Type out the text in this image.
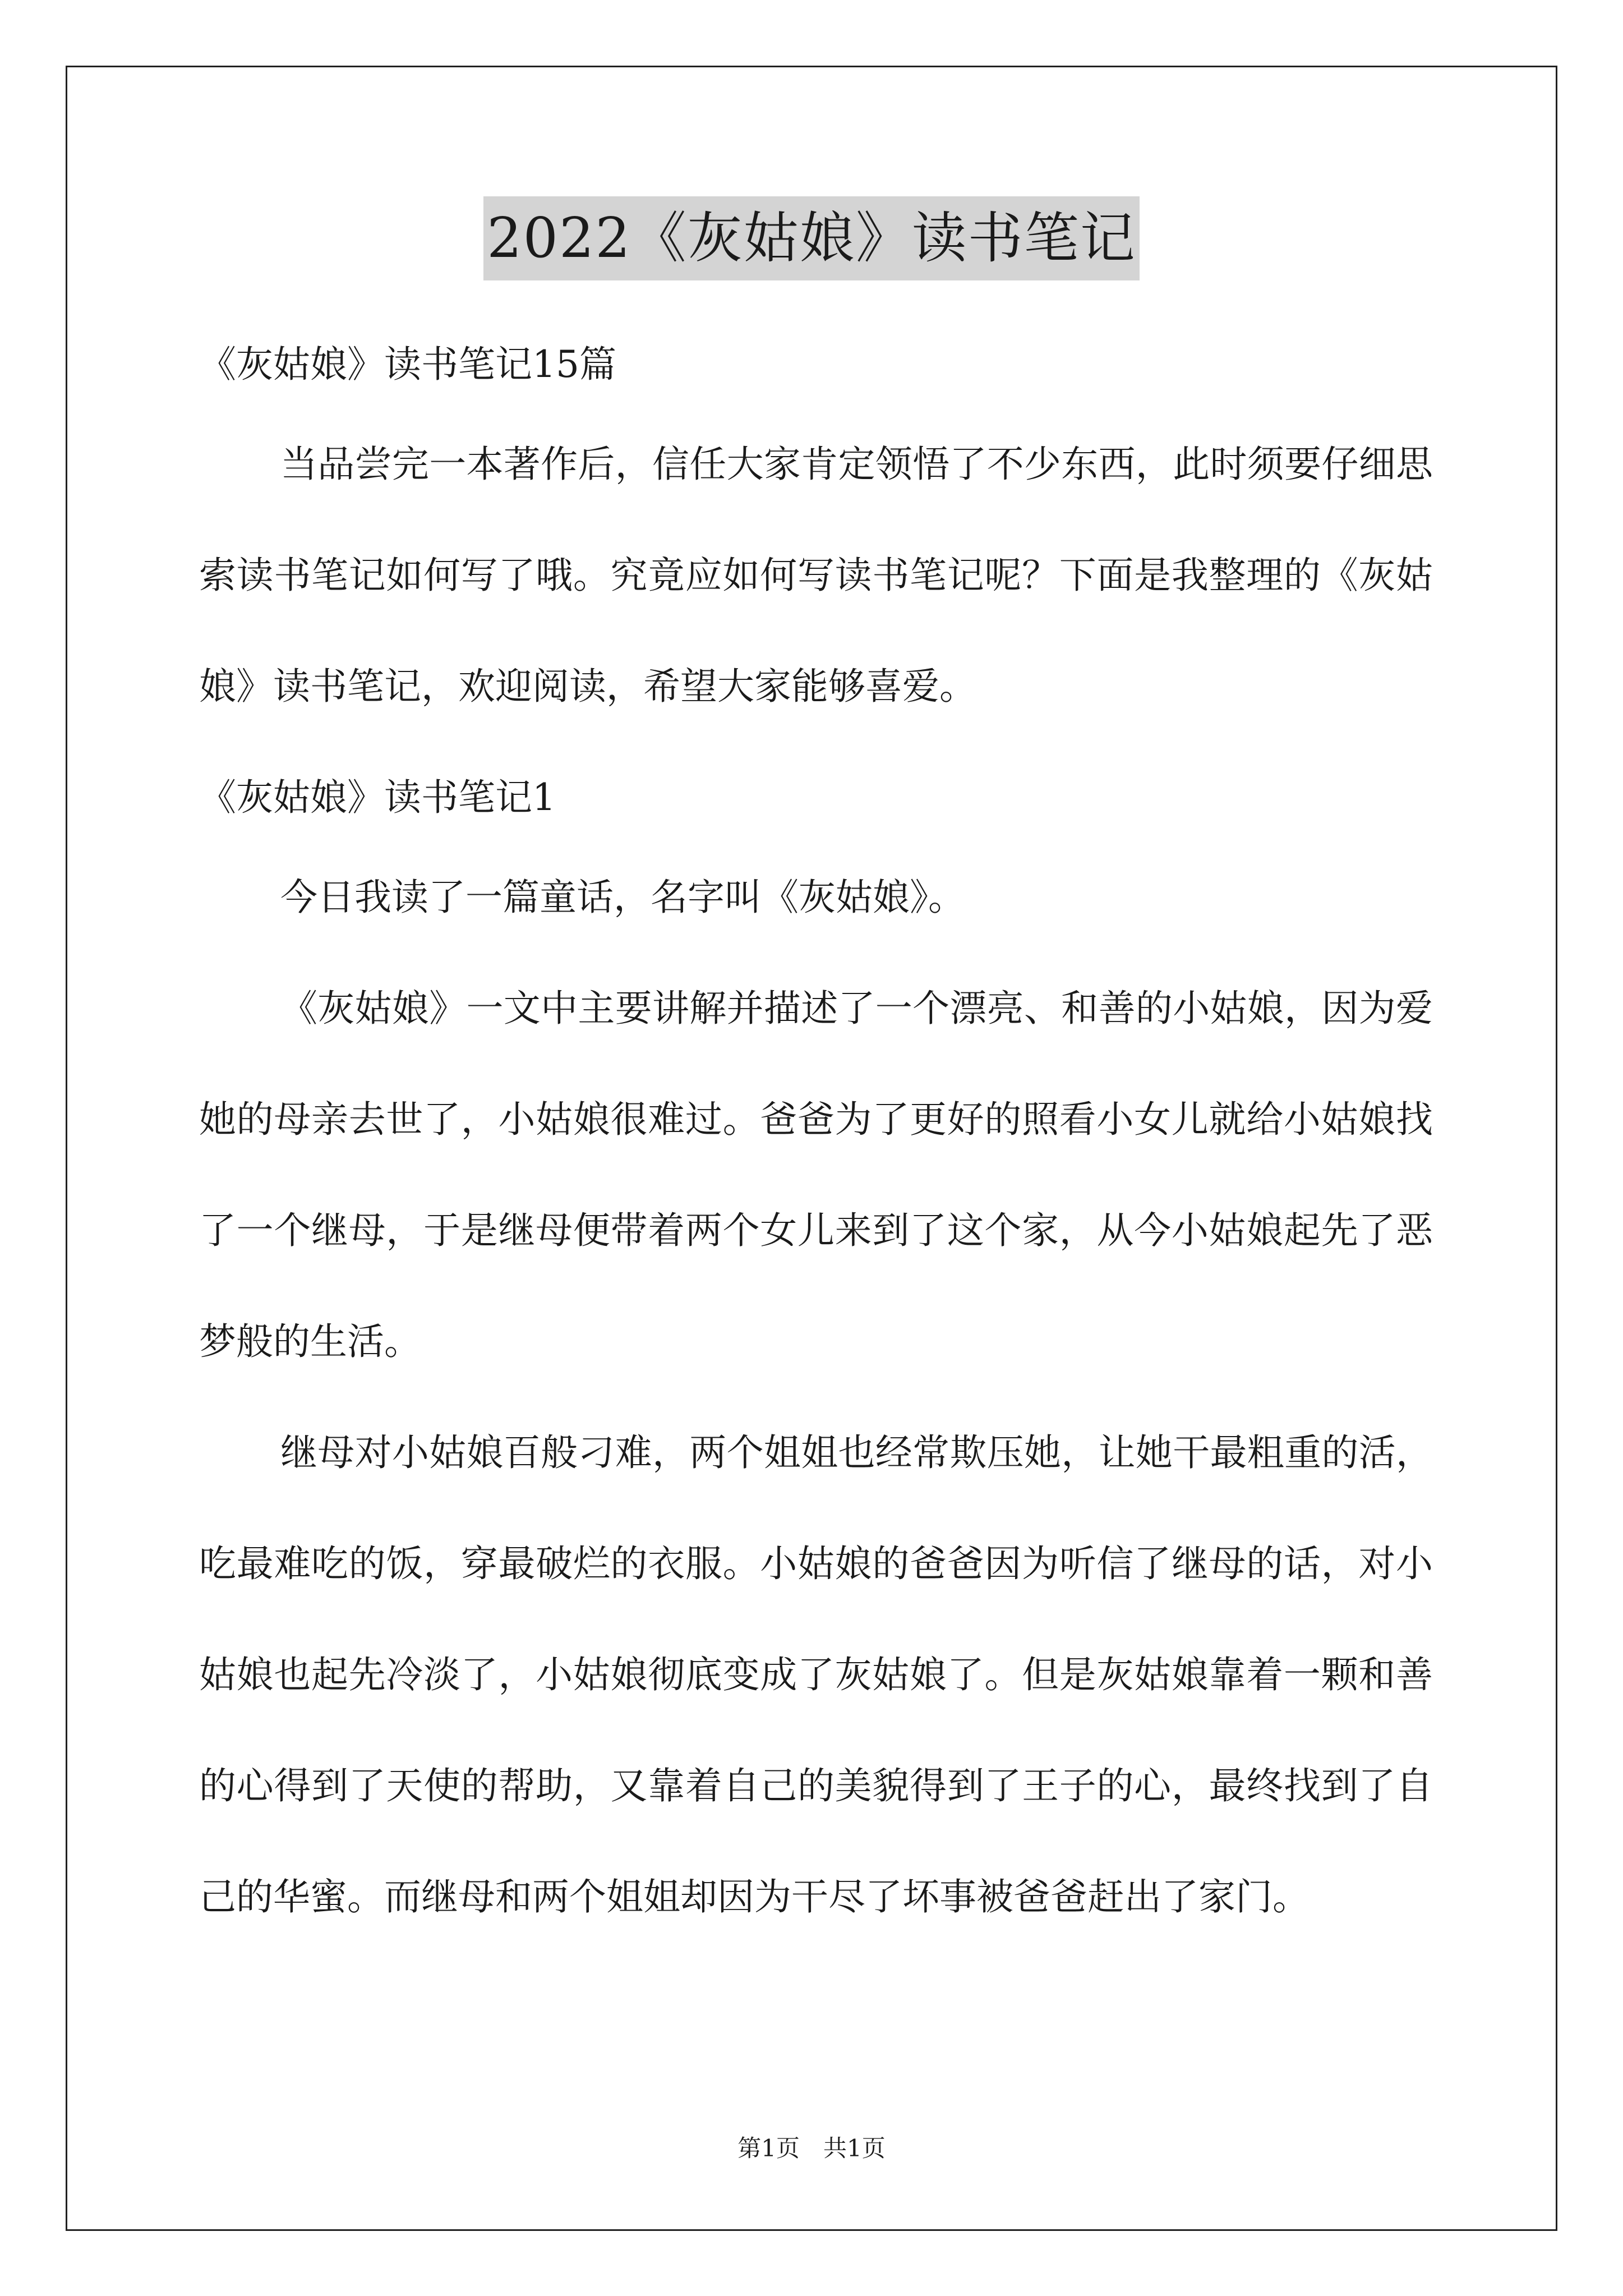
2022《灰姑娘》读书笔记
《灰姑娘》读书笔记15篇

当品尝完一本著作后，信任大家肯定领悟了不少东西，此时须要仔细思索读书笔记如何写了哦。究竟应如何写读书笔记呢？下面是我整理的《灰姑娘》读书笔记，欢迎阅读，希望大家能够喜爱。

《灰姑娘》读书笔记1

今日我读了一篇童话，名字叫《灰姑娘》。

《灰姑娘》一文中主要讲解并描述了一个漂亮、和善的小姑娘，因为爱她的母亲去世了，小姑娘很难过。爸爸为了更好的照看小女儿就给小姑娘找了一个继母，于是继母便带着两个女儿来到了这个家，从今小姑娘起先了恶梦般的生活。

继母对小姑娘百般刁难，两个姐姐也经常欺压她，让她干最粗重的活，吃最难吃的饭，穿最破烂的衣服。小姑娘的爸爸因为听信了继母的话，对小姑娘也起先冷淡了，小姑娘彻底变成了灰姑娘了。但是灰姑娘靠着一颗和善的心得到了天使的帮助，又靠着自己的美貌得到了王子的心，最终找到了自己的华蜜。而继母和两个姐姐却因为干尽了坏事被爸爸赶出了家门。

第1页　共1页
